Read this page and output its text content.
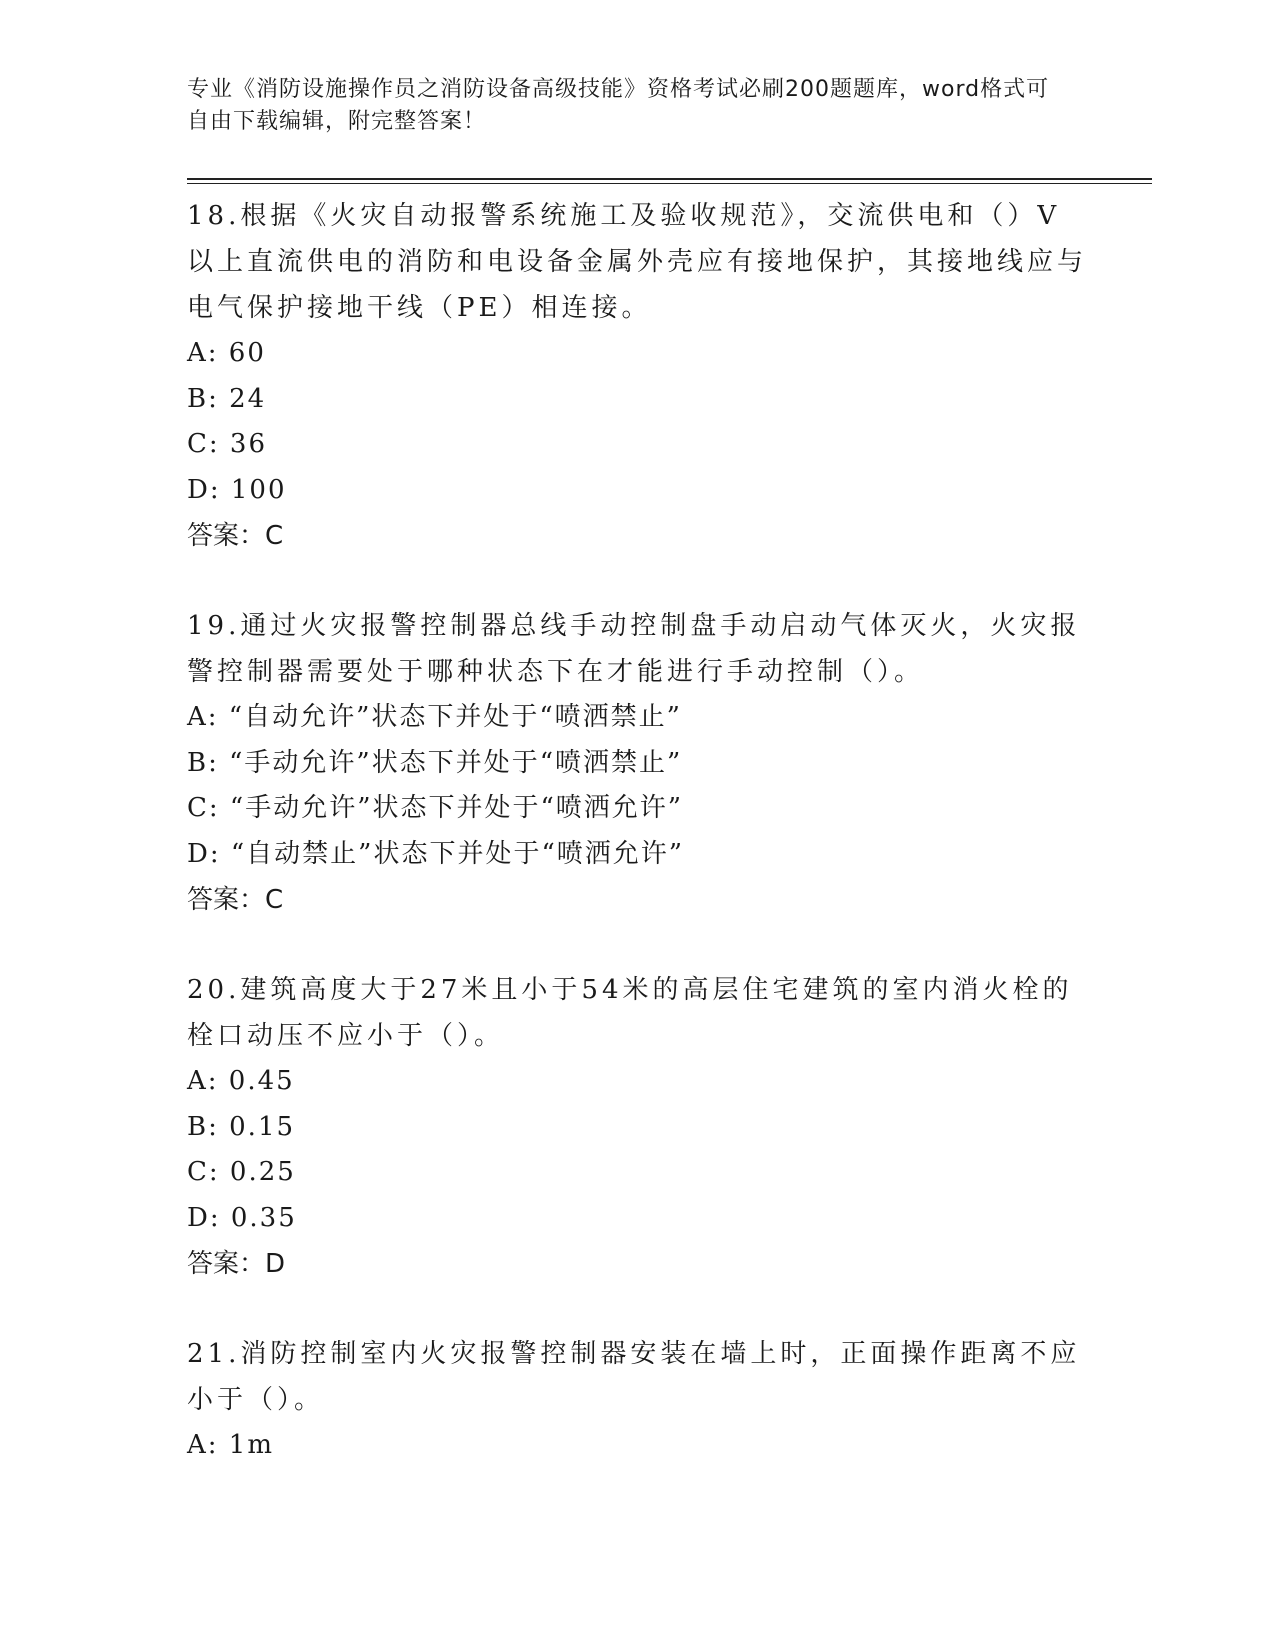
专业《消防设施操作员之消防设备高级技能》资格考试必刷200题题库，word格式可自由下载编辑，附完整答案！

18.根据《火灾自动报警系统施工及验收规范》，交流供电和（）V以上直流供电的消防和电设备金属外壳应有接地保护，其接地线应与电气保护接地干线（PE）相连接。

A: 60

B: 24

C: 36

D: 100

答案：C

19.通过火灾报警控制器总线手动控制盘手动启动气体灭火，火灾报警控制器需要处于哪种状态下在才能进行手动控制（）。

A: “自动允许”状态下并处于“喷洒禁止”

B: “手动允许”状态下并处于“喷洒禁止”

C: “手动允许”状态下并处于“喷洒允许”

D: “自动禁止”状态下并处于“喷洒允许”

答案：C

20.建筑高度大于27米且小于54米的高层住宅建筑的室内消火栓的栓口动压不应小于（）。

A: 0.45

B: 0.15

C: 0.25

D: 0.35

答案：D

21.消防控制室内火灾报警控制器安装在墙上时，正面操作距离不应小于（）。

A: 1m
